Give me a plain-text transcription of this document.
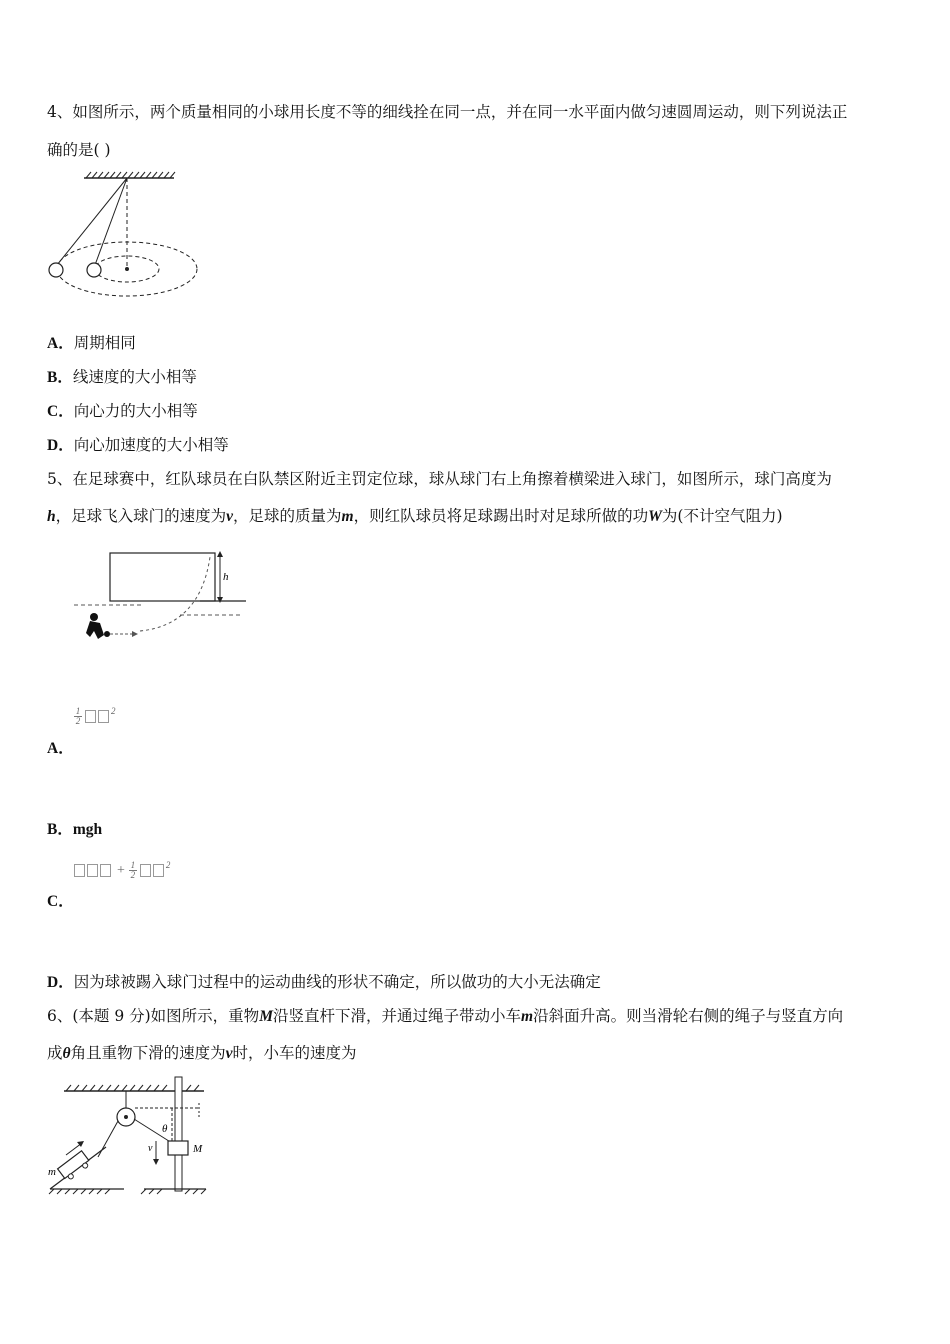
4、如图所示，两个质量相同的小球用长度不等的细线拴在同一点，并在同一水平面内做匀速圆周运动，则下列说法正
确的是( )
A．周期相同
B．线速度的大小相等
C．向心力的大小相等
D．向心加速度的大小相等
5、在足球赛中，红队球员在白队禁区附近主罚定位球，球从球门右上角擦着横梁进入球门，如图所示，球门高度为
h，足球飞入球门的速度为v，足球的质量为m，则红队球员将足球踢出时对足球所做的功W为(不计空气阻力)
h
$\frac{1}{2}$	$^2$
A．
B．mgh
+ $\frac{1}{2}$	$^2$
C．
D．因为球被踢入球门过程中的运动曲线的形状不确定，所以做功的大小无法确定
6、(本题 9 分)如图所示，重物M沿竖直杆下滑，并通过绳子带动小车m沿斜面升高。则当滑轮右侧的绳子与竖直方向
成θ角且重物下滑的速度为v时，小车的速度为
θ
M
v
m
